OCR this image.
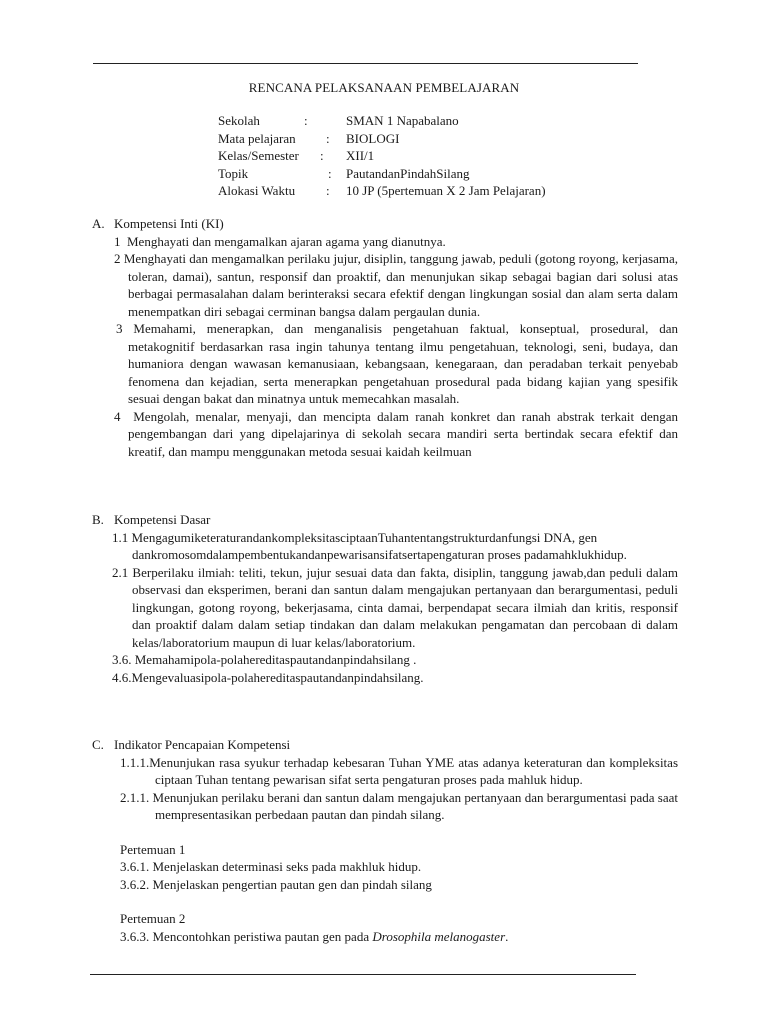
RENCANA PELAKSANAAN PEMBELAJARAN
Sekolah	:	SMAN 1 Napabalano
Mata pelajaran	:	BIOLOGI
Kelas/Semester	:	XII/1
Topik	:	PautandanPindahSilang
Alokasi Waktu	:	10 JP (5pertemuan X 2 Jam Pelajaran)
A. Kompetensi Inti (KI)
1 Menghayati dan mengamalkan ajaran agama yang dianutnya.
2 Menghayati dan mengamalkan perilaku jujur, disiplin, tanggung jawab, peduli (gotong royong, kerjasama, toleran, damai), santun, responsif dan proaktif, dan menunjukan sikap sebagai bagian dari solusi atas berbagai permasalahan dalam berinteraksi secara efektif dengan lingkungan sosial dan alam serta dalam menempatkan diri sebagai cerminan bangsa dalam pergaulan dunia.
3 Memahami, menerapkan, dan menganalisis pengetahuan faktual, konseptual, prosedural, dan metakognitif berdasarkan rasa ingin tahunya tentang ilmu pengetahuan, teknologi, seni, budaya, dan humaniora dengan wawasan kemanusiaan, kebangsaan, kenegaraan, dan peradaban terkait penyebab fenomena dan kejadian, serta menerapkan pengetahuan prosedural pada bidang kajian yang spesifik sesuai dengan bakat dan minatnya untuk memecahkan masalah.
4 Mengolah, menalar, menyaji, dan mencipta dalam ranah konkret dan ranah abstrak terkait dengan pengembangan dari yang dipelajarinya di sekolah secara mandiri serta bertindak secara efektif dan kreatif, dan mampu menggunakan metoda sesuai kaidah keilmuan
B. Kompetensi Dasar
1.1 MengagumiketeraturandankompleksitasciptaanTuhantentangstrukturdanfungsi DNA, gen dankromosomdalampembentukandanpewarisansifatsertapengaturan proses padamahklukhidup.
2.1 Berperilaku ilmiah: teliti, tekun, jujur sesuai data dan fakta, disiplin, tanggung jawab,dan peduli dalam observasi dan eksperimen, berani dan santun dalam mengajukan pertanyaan dan berargumentasi, peduli lingkungan, gotong royong, bekerjasama, cinta damai, berpendapat secara ilmiah dan kritis, responsif dan proaktif dalam dalam setiap tindakan dan dalam melakukan pengamatan dan percobaan di dalam kelas/laboratorium maupun di luar kelas/laboratorium.
3.6. Memahamipola-polahereditaspautandanpindahsilang .
4.6.Mengevaluasipola-polahereditaspautandanpindahsilang.
C. Indikator Pencapaian Kompetensi
1.1.1.Menunjukan rasa syukur terhadap kebesaran Tuhan YME atas adanya keteraturan dan kompleksitas ciptaan Tuhan tentang pewarisan sifat serta pengaturan proses pada mahluk hidup.
2.1.1. Menunjukan perilaku berani dan santun dalam mengajukan pertanyaan dan berargumentasi pada saat mempresentasikan perbedaan pautan dan pindah silang.
Pertemuan 1
3.6.1. Menjelaskan determinasi seks pada makhluk hidup.
3.6.2. Menjelaskan pengertian pautan gen dan pindah silang
Pertemuan 2
3.6.3. Mencontohkan peristiwa pautan gen pada Drosophila melanogaster.
